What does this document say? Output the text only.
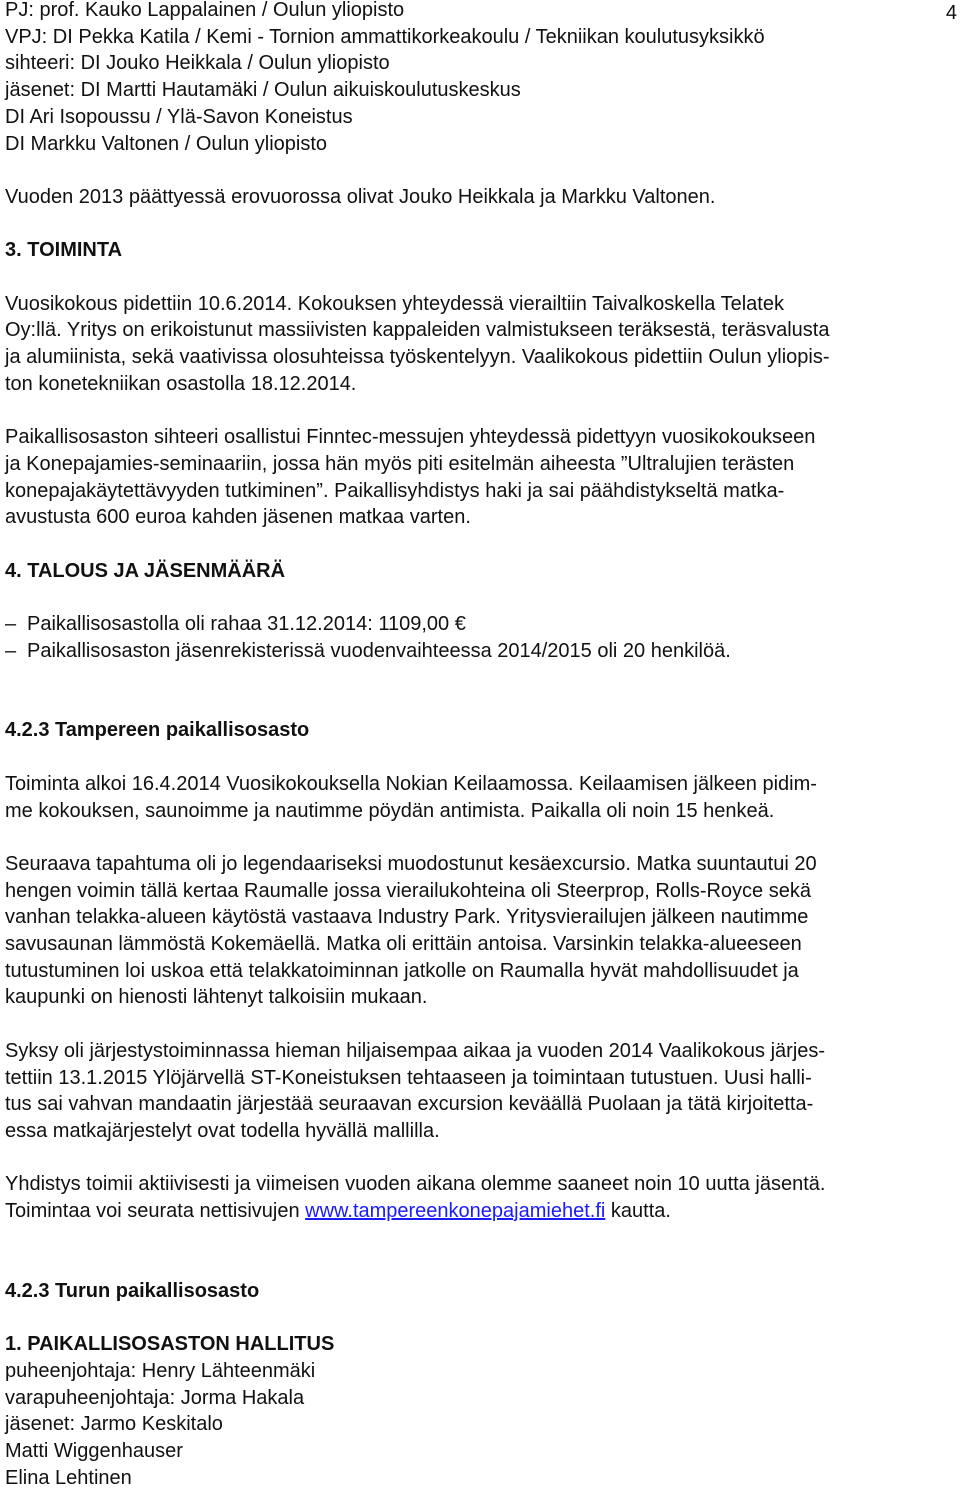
4

PJ: prof. Kauko Lappalainen / Oulun yliopisto

VPJ: DI Pekka Katila / Kemi - Tornion ammattikorkeakoulu / Tekniikan koulutusyksikkö

sihteeri: DI Jouko Heikkala / Oulun yliopisto

jäsenet: DI Martti Hautamäki / Oulun aikuiskoulutuskeskus

DI Ari Isopoussu / Ylä-Savon Koneistus

DI Markku Valtonen / Oulun yliopisto

Vuoden 2013 päättyessä erovuorossa olivat Jouko Heikkala ja Markku Valtonen.

3. TOIMINTA

Vuosikokous pidettiin 10.6.2014. Kokouksen yhteydessä vierailtiin Taivalkoskella Telatek

Oy:llä. Yritys on erikoistunut massiivisten kappaleiden valmistukseen teräksestä, teräsvalusta

ja alumiinista, sekä vaativissa olosuhteissa työskentelyyn. Vaalikokous pidettiin Oulun yliopis-

ton konetekniikan osastolla 18.12.2014.

Paikallisosaston sihteeri osallistui Finntec-messujen yhteydessä pidettyyn vuosikokoukseen

ja Konepajamies-seminaariin, jossa hän myös piti esitelmän aiheesta ”Ultralujien terästen

konepajakäytettävyyden tutkiminen”. Paikallisyhdistys haki ja sai päähdistykseltä matka-

avustusta 600 euroa kahden jäsenen matkaa varten.

4. TALOUS JA JÄSENMÄÄRÄ

– Paikallisosastolla oli rahaa 31.12.2014: 1109,00 €

– Paikallisosaston jäsenrekisterissä vuodenvaihteessa 2014/2015 oli 20 henkilöä.

4.2.3 Tampereen paikallisosasto

Toiminta alkoi 16.4.2014 Vuosikokouksella Nokian Keilaamossa. Keilaamisen jälkeen pidim-

me kokouksen, saunoimme ja nautimme pöydän antimista. Paikalla oli noin 15 henkeä.

Seuraava tapahtuma oli jo legendaariseksi muodostunut kesäexcursio. Matka suuntautui 20

hengen voimin tällä kertaa Raumalle jossa vierailukohteina oli Steerprop, Rolls-Royce sekä

vanhan telakka-alueen käytöstä vastaava Industry Park. Yritysvierailujen jälkeen nautimme

savusaunan lämmöstä Kokemäellä. Matka oli erittäin antoisa. Varsinkin telakka-alueeseen

tutustuminen loi uskoa että telakkatoiminnan jatkolle on Raumalla hyvät mahdollisuudet ja

kaupunki on hienosti lähtenyt talkoisiin mukaan.

Syksy oli järjestystoiminnassa hieman hiljaisempaa aikaa ja vuoden 2014 Vaalikokous järjes-

tettiin 13.1.2015 Ylöjärvellä ST-Koneistuksen tehtaaseen ja toimintaan tutustuen. Uusi halli-

tus sai vahvan mandaatin järjestää seuraavan excursion keväällä Puolaan ja tätä kirjoitetta-

essa matkajärjestelyt ovat todella hyvällä mallilla.

Yhdistys toimii aktiivisesti ja viimeisen vuoden aikana olemme saaneet noin 10 uutta jäsentä.

Toimintaa voi seurata nettisivujen www.tampereenkonepajamiehet.fi kautta.

4.2.3 Turun paikallisosasto
1. PAIKALLISOSASTON HALLITUS

puheenjohtaja: Henry Lähteenmäki

varapuheenjohtaja: Jorma Hakala

jäsenet: Jarmo Keskitalo

Matti Wiggenhauser

Elina Lehtinen
